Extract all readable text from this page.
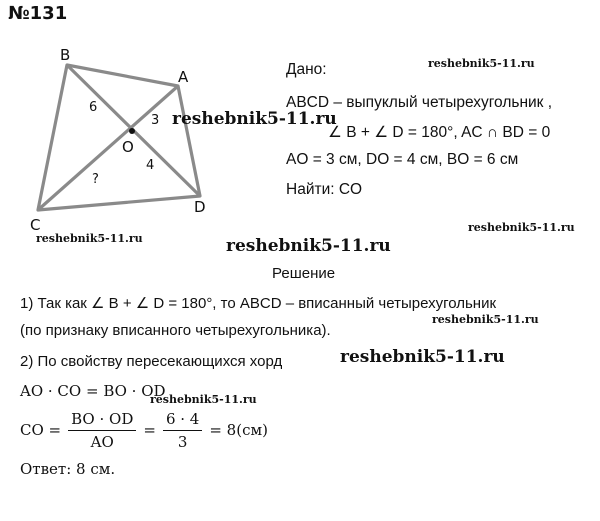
№131
B
A
C
D
O
6
3
4
?
Дано:
ABCD – выпуклый четырехугольник ,
∠ B + ∠ D = 180°, AC ∩ BD = 0
AO = 3 см, DO = 4 см, BO = 6 см
Найти: CO
Решение
1) Так как ∠ B + ∠ D = 180°, то ABCD – вписанный четырехугольник
(по признаку вписанного четырехугольника).
2) По свойству пересекающихся хорд
AO · CO = BO · OD
CO = $\frac{BO \cdot OD}{AO} = \frac{6 \cdot 4}{3} = 8(см)$
Ответ: 8 см.
reshebnik5-11.ru
reshebnik5-11.ru
reshebnik5-11.ru
reshebnik5-11.ru	reshebnik5-11.ru
reshebnik5-11.ru
reshebnik5-11.ru
reshebnik5-11.ru
